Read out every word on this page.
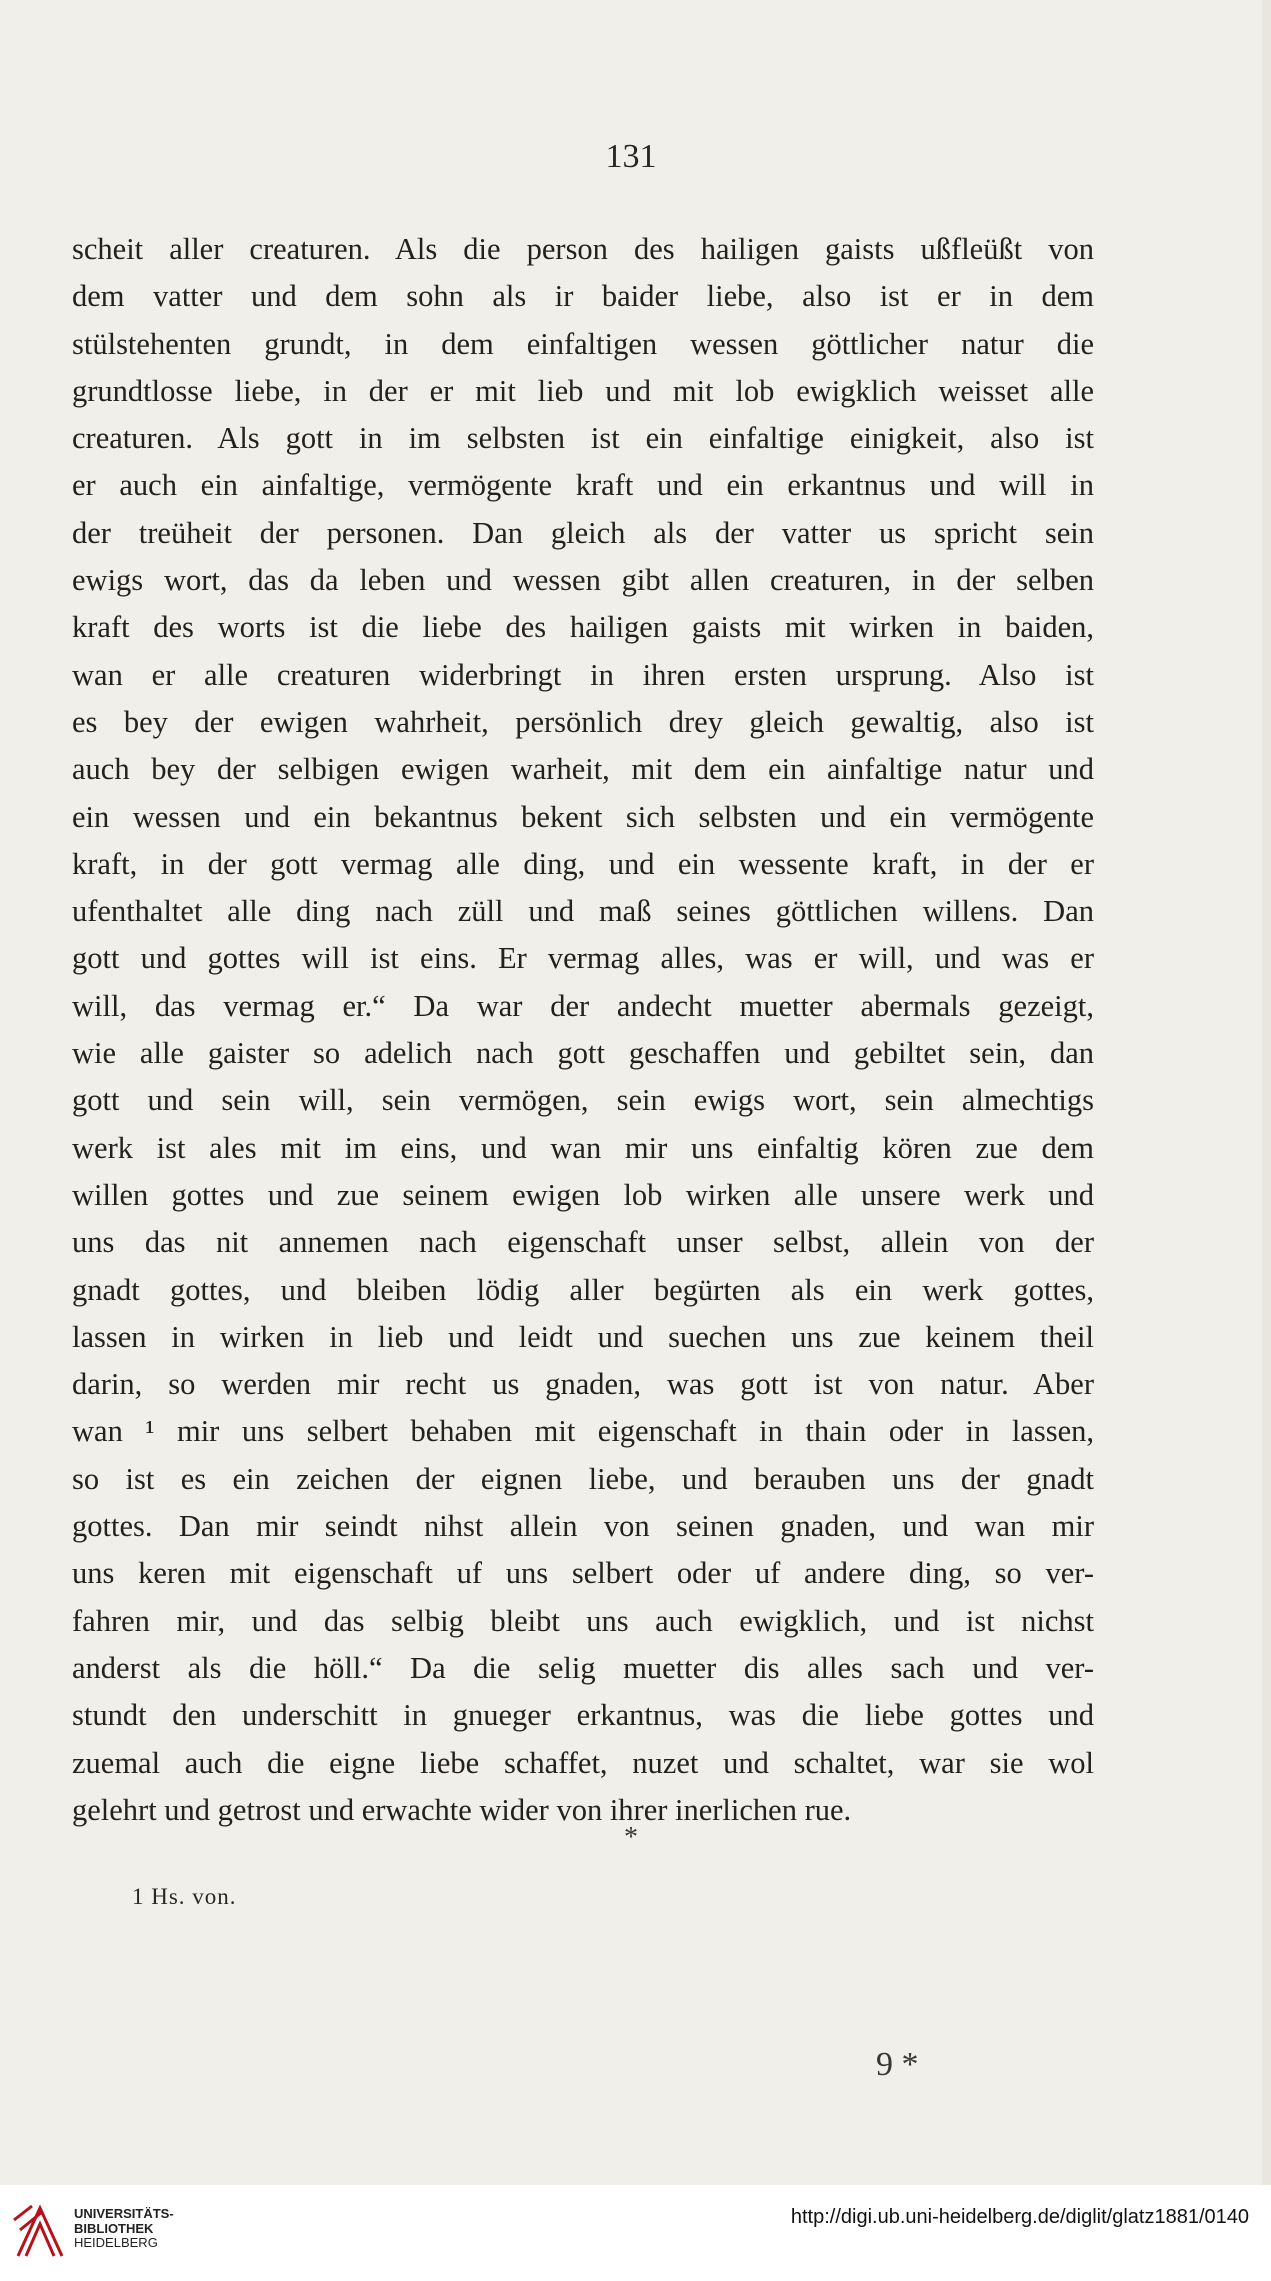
131
scheit aller creaturen. Als die person des hailigen gaists ußfleüßt von
dem vatter und dem sohn als ir baider liebe, also ist er in dem
stülstehenten grundt, in dem einfaltigen wessen göttlicher natur die
grundtlosse liebe, in der er mit lieb und mit lob ewigklich weisset alle
creaturen. Als gott in im selbsten ist ein einfaltige einigkeit, also ist
er auch ein ainfaltige, vermögente kraft und ein erkantnus und will in
der treüheit der personen. Dan gleich als der vatter us spricht sein
ewigs wort, das da leben und wessen gibt allen creaturen, in der selben
kraft des worts ist die liebe des hailigen gaists mit wirken in baiden,
wan er alle creaturen widerbringt in ihren ersten ursprung. Also ist
es bey der ewigen wahrheit, persönlich drey gleich gewaltig, also ist
auch bey der selbigen ewigen warheit, mit dem ein ainfaltige natur und
ein wessen und ein bekantnus bekent sich selbsten und ein vermögente
kraft, in der gott vermag alle ding, und ein wessente kraft, in der er
ufenthaltet alle ding nach züll und maß seines göttlichen willens. Dan
gott und gottes will ist eins. Er vermag alles, was er will, und was er
will, das vermag er.“ Da war der andecht muetter abermals gezeigt,
wie alle gaister so adelich nach gott geschaffen und gebiltet sein, dan
gott und sein will, sein vermögen, sein ewigs wort, sein almechtigs
werk ist ales mit im eins, und wan mir uns einfaltig kören zue dem
willen gottes und zue seinem ewigen lob wirken alle unsere werk und
uns das nit annemen nach eigenschaft unser selbst, allein von der
gnadt gottes, und bleiben lödig aller begürten als ein werk gottes,
lassen in wirken in lieb und leidt und suechen uns zue keinem theil
darin, so werden mir recht us gnaden, was gott ist von natur. Aber
wan ¹ mir uns selbert behaben mit eigenschaft in thain oder in lassen,
so ist es ein zeichen der eignen liebe, und berauben uns der gnadt
gottes. Dan mir seindt nihst allein von seinen gnaden, und wan mir
uns keren mit eigenschaft uf uns selbert oder uf andere ding, so ver-
fahren mir, und das selbig bleibt uns auch ewigklich, und ist nichst
anderst als die höll.“ Da die selig muetter dis alles sach und ver-
stundt den underschitt in gnueger erkantnus, was die liebe gottes und
zuemal auch die eigne liebe schaffet, nuzet und schaltet, war sie wol
gelehrt und getrost und erwachte wider von ihrer inerlichen rue.
*
1 Hs. von.
9 *
UNIVERSITÄTS-
BIBLIOTHEK
HEIDELBERG
http://digi.ub.uni-heidelberg.de/diglit/glatz1881/0140
